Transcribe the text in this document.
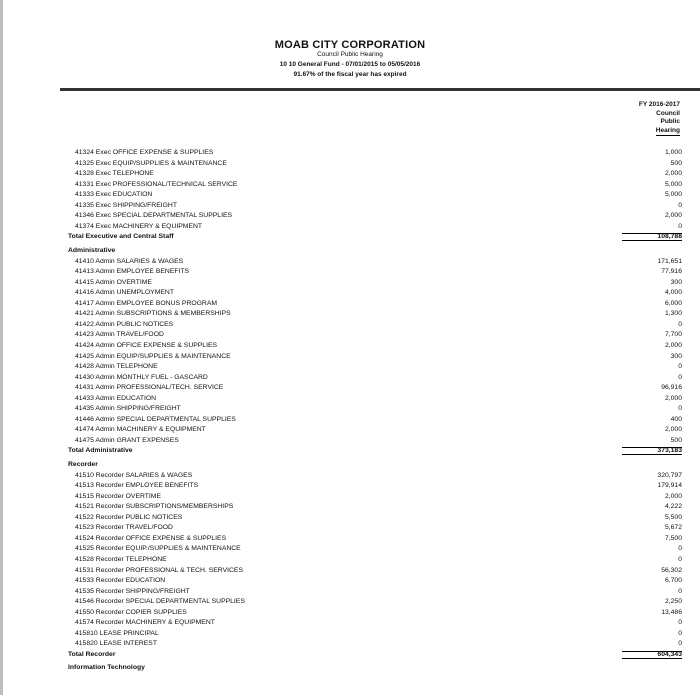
MOAB CITY CORPORATION
Council Public Hearing
10 10 General Fund - 07/01/2015 to 05/05/2016
91.67% of the fiscal year has expired
FY 2016-2017
Council
Public
Hearing
41324 Exec OFFICE EXPENSE & SUPPLIES	1,000
41325 Exec EQUIP/SUPPLIES & MAINTENANCE	500
41328 Exec TELEPHONE	2,000
41331 Exec PROFESSIONAL/TECHNICAL SERVICE	5,000
41333 Exec EDUCATION	5,000
41335 Exec SHIPPING/FREIGHT	0
41346 Exec SPECIAL DEPARTMENTAL SUPPLIES	2,000
41374 Exec MACHINERY & EQUIPMENT	0
Total Executive and Central Staff	108,788
Administrative
41410 Admin SALARIES & WAGES	171,651
41413 Admin EMPLOYEE BENEFITS	77,916
41415 Admin OVERTIME	300
41416 Admin UNEMPLOYMENT	4,000
41417 Admin EMPLOYEE BONUS PROGRAM	6,000
41421 Admin SUBSCRIPTIONS & MEMBERSHIPS	1,300
41422 Admin PUBLIC NOTICES	0
41423 Admin TRAVEL/FOOD	7,700
41424 Admin OFFICE EXPENSE & SUPPLIES	2,000
41425 Admin EQUIP/SUPPLIES & MAINTENANCE	300
41428 Admin TELEPHONE	0
41430 Admin MONTHLY FUEL - GASCARD	0
41431 Admin PROFESSIONAL/TECH. SERVICE	96,916
41433 Admin EDUCATION	2,000
41435 Admin SHIPPING/FREIGHT	0
41446 Admin SPECIAL DEPARTMENTAL SUPPLIES	400
41474 Admin MACHINERY & EQUIPMENT	2,000
41475 Admin GRANT EXPENSES	500
Total Administrative	373,183
Recorder
41510 Recorder SALARIES & WAGES	320,797
41513 Recorder EMPLOYEE BENEFITS	179,914
41515 Recorder OVERTIME	2,000
41521 Recorder SUBSCRIPTIONS/MEMBERSHIPS	4,222
41522 Recorder PUBLIC NOTICES	5,500
41523 Recorder TRAVEL/FOOD	5,672
41524 Recorder OFFICE EXPENSE & SUPPLIES	7,500
41525 Recorder EQUIP./SUPPLIES & MAINTENANCE	0
41528 Recorder TELEPHONE	0
41531 Recorder PROFESSIONAL & TECH. SERVICES	56,302
41533 Recorder EDUCATION	6,700
41535 Recorder SHIPPING/FREIGHT	0
41546 Recorder SPECIAL DEPARTMENTAL SUPPLIES	2,250
41550 Recorder COPIER SUPPLIES	13,486
41574 Recorder MACHINERY & EQUIPMENT	0
415810 LEASE PRINCIPAL	0
415820 LEASE INTEREST	0
Total Recorder	604,343
Information Technology
